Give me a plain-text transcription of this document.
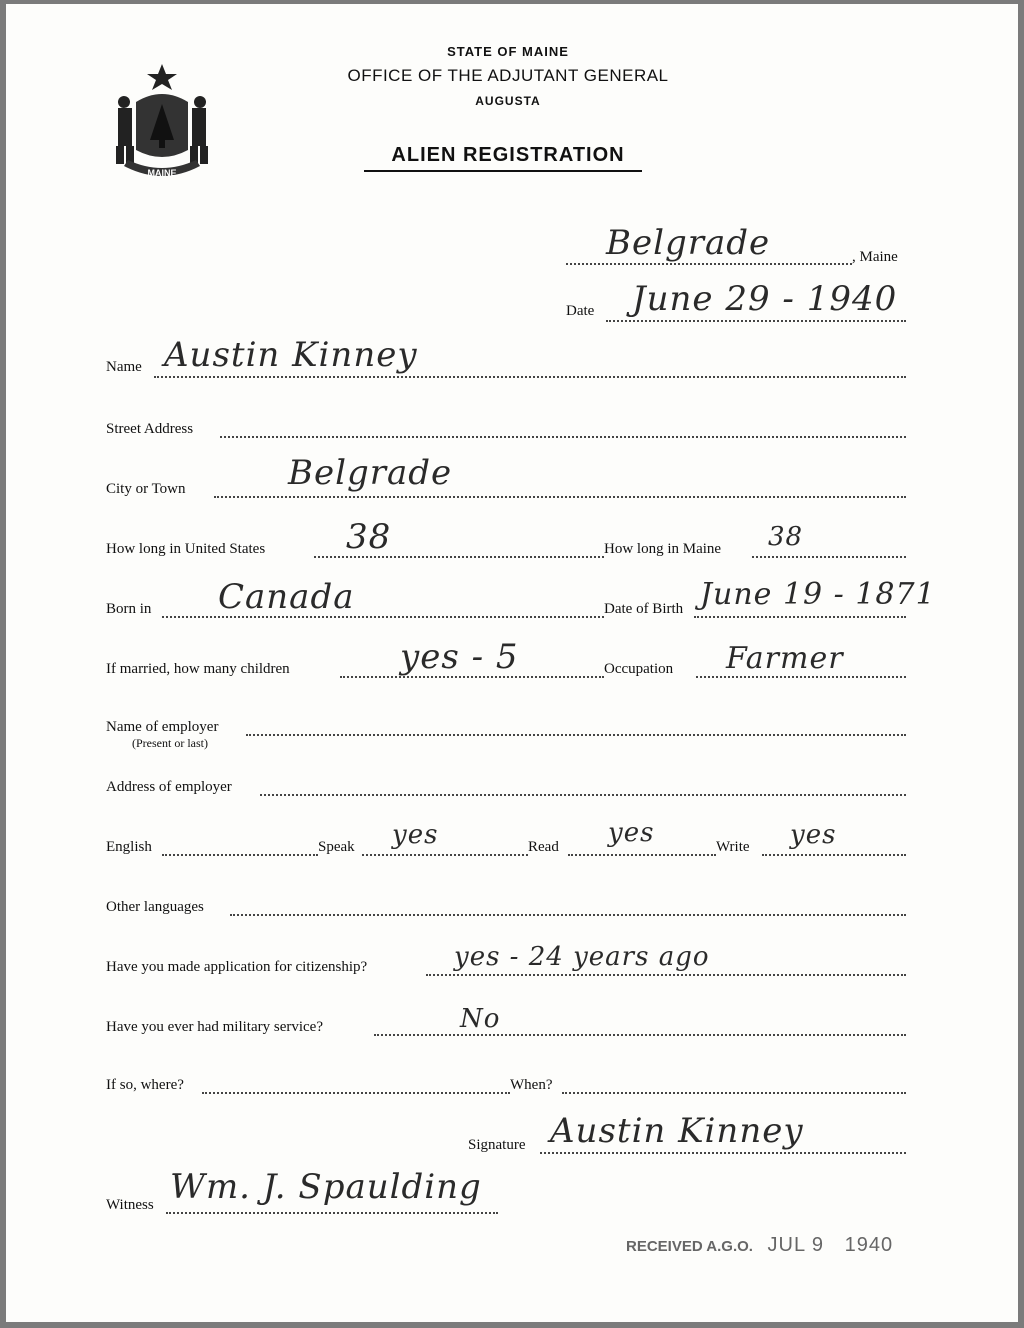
MAINE
STATE OF MAINE
OFFICE OF THE ADJUTANT GENERAL
AUGUSTA
ALIEN REGISTRATION
Belgrade	, Maine
Date June 29 - 1940
Name Austin Kinney
Street Address
City or Town	Belgrade
How long in United States 38	How long in Maine 38
Born in Canada	Date of Birth June 19 - 1871
If married, how many children	yes - 5	Occupation Farmer
Name of employer
(Present or last)
Address of employer
English	Speak yes	Read yes	Write yes
Other languages
Have you made application for citizenship?	yes - 24 years ago
Have you ever had military service?	No
If so, where?	When?
Signature Austin Kinney
Witness Wm. J. Spaulding
RECEIVED A.G.O. JUL 9 1940
